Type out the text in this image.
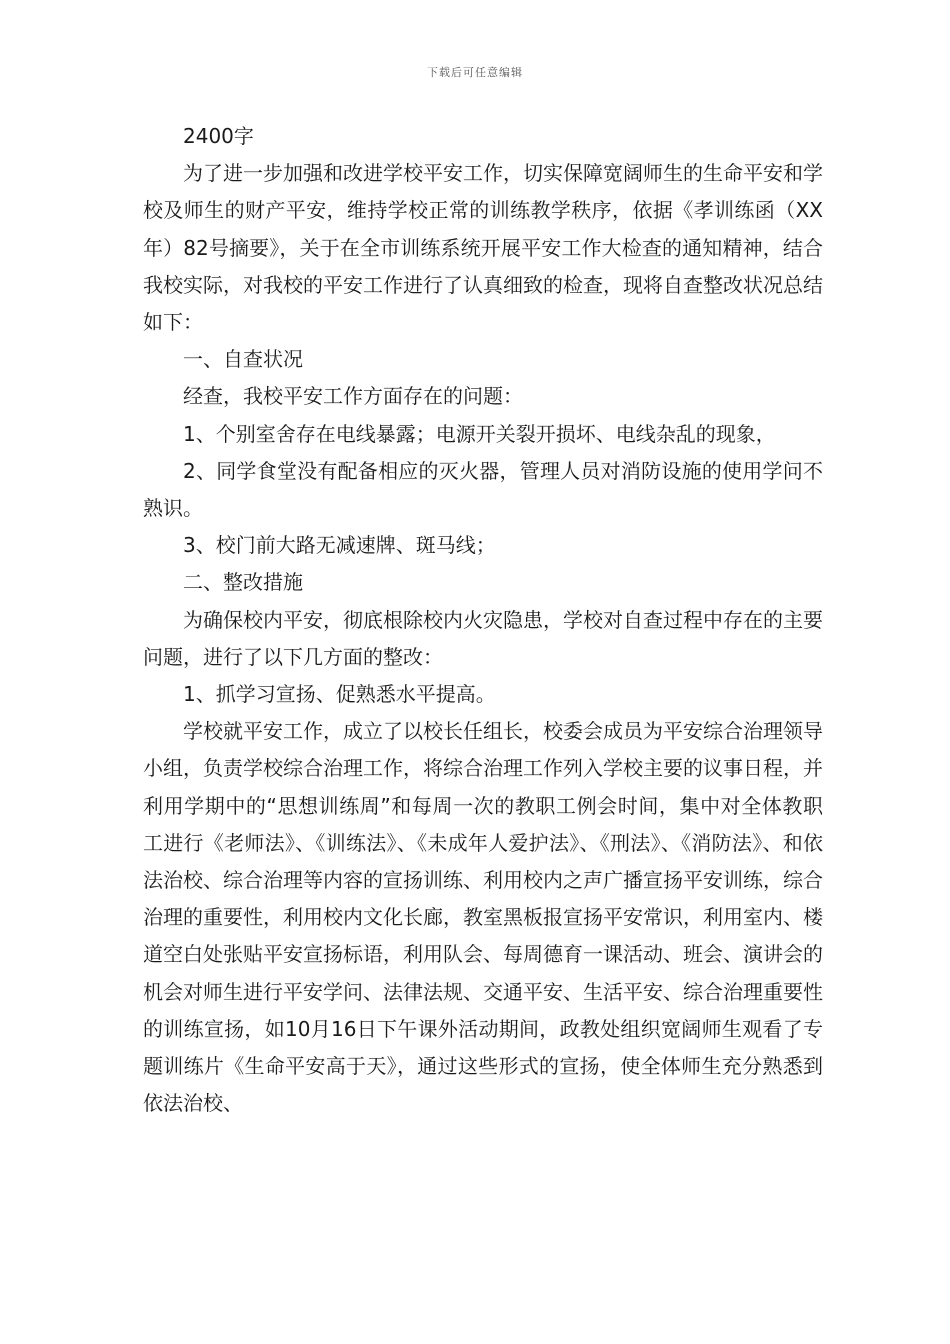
下载后可任意编辑

2400字

为了进一步加强和改进学校平安工作，切实保障宽阔师生的生命平安和学校及师生的财产平安，维持学校正常的训练教学秩序，依据《孝训练函（XX年）82号摘要》，关于在全市训练系统开展平安工作大检查的通知精神，结合我校实际，对我校的平安工作进行了认真细致的检查，现将自查整改状况总结如下：

一、自查状况

经查，我校平安工作方面存在的问题：

1、个别室舍存在电线暴露；电源开关裂开损坏、电线杂乱的现象，

2、同学食堂没有配备相应的灭火器，管理人员对消防设施的使用学问不熟识。

3、校门前大路无减速牌、斑马线；

二、整改措施

为确保校内平安，彻底根除校内火灾隐患，学校对自查过程中存在的主要问题，进行了以下几方面的整改：

1、抓学习宣扬、促熟悉水平提高。

学校就平安工作，成立了以校长任组长，校委会成员为平安综合治理领导小组，负责学校综合治理工作，将综合治理工作列入学校主要的议事日程，并利用学期中的“思想训练周”和每周一次的教职工例会时间，集中对全体教职工进行《老师法》、《训练法》、《未成年人爱护法》、《刑法》、《消防法》、和依法治校、综合治理等内容的宣扬训练、利用校内之声广播宣扬平安训练，综合治理的重要性，利用校内文化长廊，教室黑板报宣扬平安常识，利用室内、楼道空白处张贴平安宣扬标语，利用队会、每周德育一课活动、班会、演讲会的机会对师生进行平安学问、法律法规、交通平安、生活平安、综合治理重要性的训练宣扬，如10月16日下午课外活动期间，政教处组织宽阔师生观看了专题训练片《生命平安高于天》，通过这些形式的宣扬，使全体师生充分熟悉到依法治校、
